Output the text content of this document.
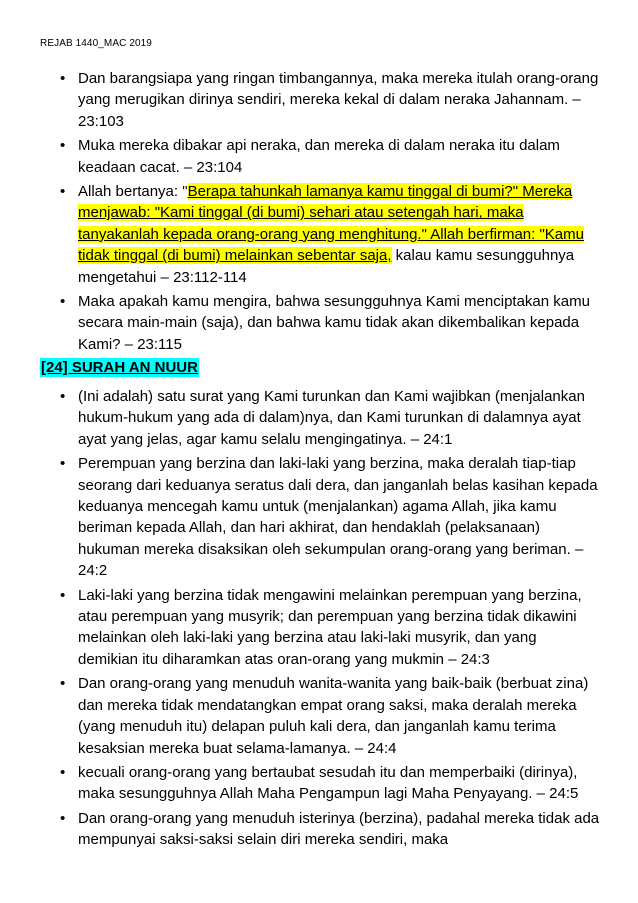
REJAB 1440_MAC 2019
• Dan barangsiapa yang ringan timbangannya, maka mereka itulah orang-orang yang merugikan dirinya sendiri, mereka kekal di dalam neraka Jahannam. – 23:103
• Muka mereka dibakar api neraka, dan mereka di dalam neraka itu dalam keadaan cacat. – 23:104
• Allah bertanya: "Berapa tahunkah lamanya kamu tinggal di bumi?" Mereka menjawab: "Kami tinggal (di bumi) sehari atau setengah hari, maka tanyakanlah kepada orang-orang yang menghitung." Allah berfirman: "Kamu tidak tinggal (di bumi) melainkan sebentar saja, kalau kamu sesungguhnya mengetahui – 23:112-114
• Maka apakah kamu mengira, bahwa sesungguhnya Kami menciptakan kamu secara main-main (saja), dan bahwa kamu tidak akan dikembalikan kepada Kami? – 23:115
[24] SURAH AN NUUR
• (Ini adalah) satu surat yang Kami turunkan dan Kami wajibkan (menjalankan hukum-hukum yang ada di dalam)nya, dan Kami turunkan di dalamnya ayat ayat yang jelas, agar kamu selalu mengingatinya. – 24:1
• Perempuan yang berzina dan laki-laki yang berzina, maka deralah tiap-tiap seorang dari keduanya seratus dali dera, dan janganlah belas kasihan kepada keduanya mencegah kamu untuk (menjalankan) agama Allah, jika kamu beriman kepada Allah, dan hari akhirat, dan hendaklah (pelaksanaan) hukuman mereka disaksikan oleh sekumpulan orang-orang yang beriman. – 24:2
• Laki-laki yang berzina tidak mengawini melainkan perempuan yang berzina, atau perempuan yang musyrik; dan perempuan yang berzina tidak dikawini melainkan oleh laki-laki yang berzina atau laki-laki musyrik, dan yang demikian itu diharamkan atas oran-orang yang mukmin – 24:3
• Dan orang-orang yang menuduh wanita-wanita yang baik-baik (berbuat zina) dan mereka tidak mendatangkan empat orang saksi, maka deralah mereka (yang menuduh itu) delapan puluh kali dera, dan janganlah kamu terima kesaksian mereka buat selama-lamanya. – 24:4
• kecuali orang-orang yang bertaubat sesudah itu dan memperbaiki (dirinya), maka sesungguhnya Allah Maha Pengampun lagi Maha Penyayang. – 24:5
• Dan orang-orang yang menuduh isterinya (berzina), padahal mereka tidak ada mempunyai saksi-saksi selain diri mereka sendiri, maka
